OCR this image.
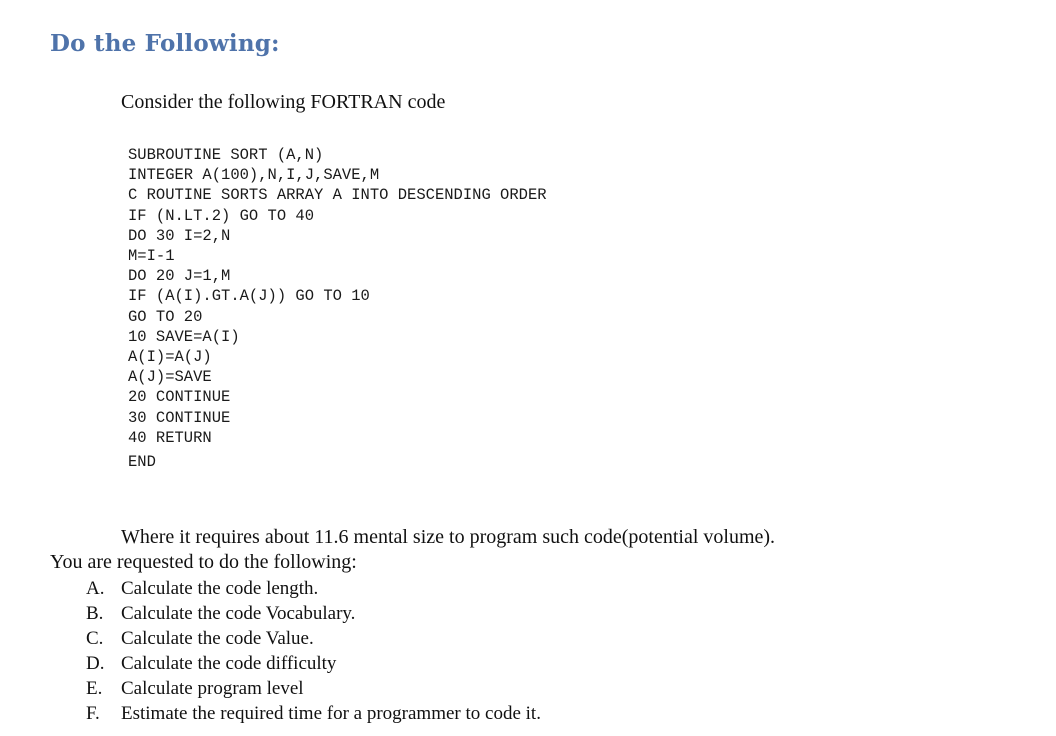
Do the Following:

Consider the following FORTRAN code

SUBROUTINE SORT (A,N)
INTEGER A(100),N,I,J,SAVE,M
C ROUTINE SORTS ARRAY A INTO DESCENDING ORDER
IF (N.LT.2) GO TO 40
DO 30 I=2,N
M=I-1
DO 20 J=1,M
IF (A(I).GT.A(J)) GO TO 10
GO TO 20
10 SAVE=A(I)
A(I)=A(J)
A(J)=SAVE
20 CONTINUE
30 CONTINUE
40 RETURN
END

Where it requires about 11.6 mental size to program such code(potential volume).

You are requested to do the following:

A. Calculate the code length.
B. Calculate the code Vocabulary.
C. Calculate the code Value.
D. Calculate the code difficulty
E. Calculate program level
F.	Estimate the required time for a programmer to code it.
